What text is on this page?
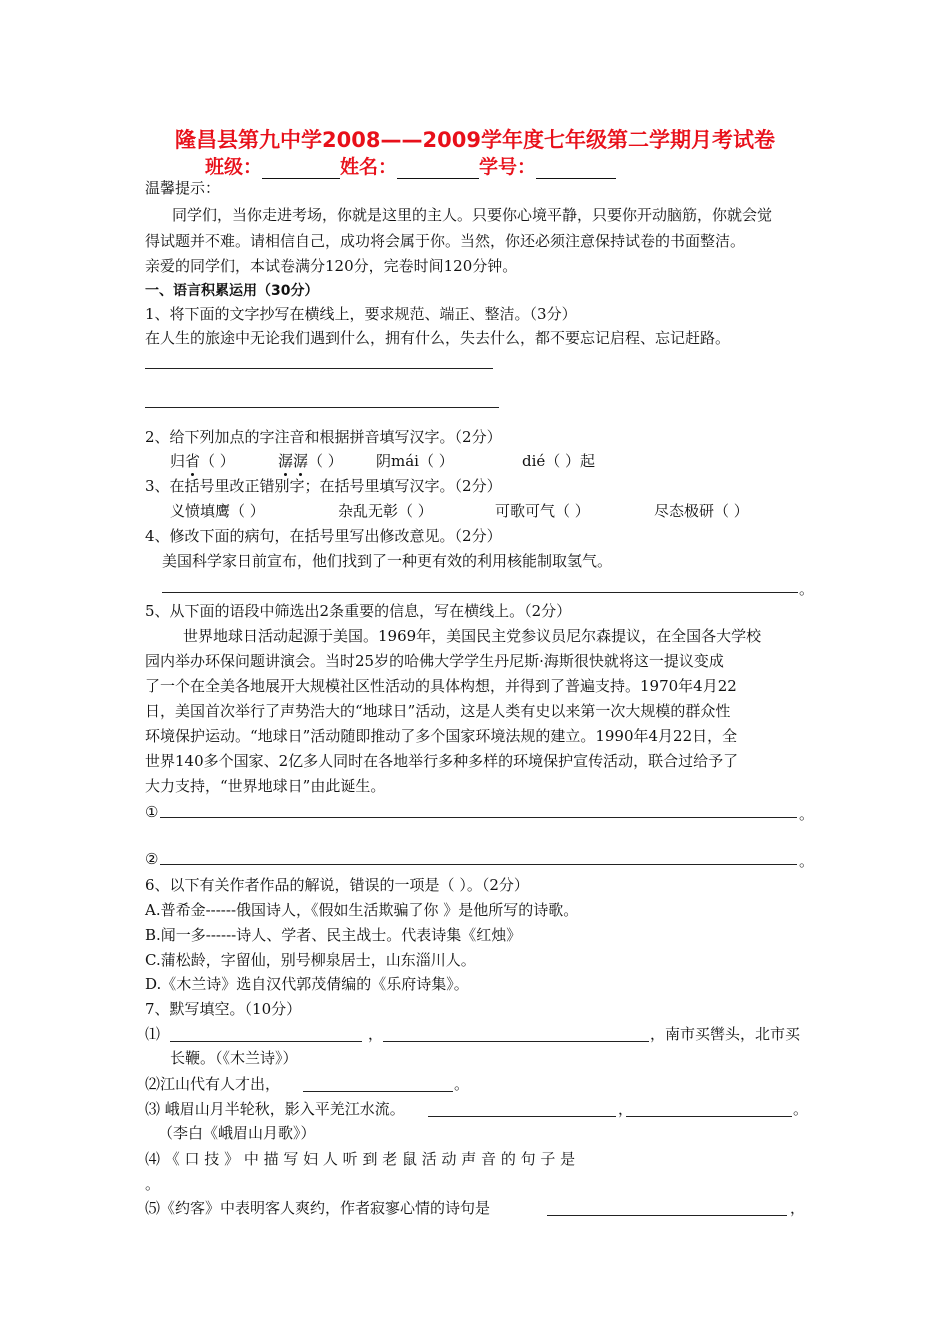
隆昌县第九中学2008——2009学年度七年级第二学期月考试卷
班级：	姓名：	学号：
温馨提示：
同学们，当你走进考场，你就是这里的主人。只要你心境平静，只要你开动脑筋，你就会觉
得试题并不难。请相信自己，成功将会属于你。当然，你还必须注意保持试卷的书面整洁。
亲爱的同学们，本试卷满分120分，完卷时间120分钟。
一、语言积累运用（30分）
1、将下面的文字抄写在横线上，要求规范、端正、整洁。（3分）
在人生的旅途中无论我们遇到什么，拥有什么，失去什么，都不要忘记启程、忘记赶路。
2、给下列加点的字注音和根据拼音填写汉字。（2分）
归省（ ）	潺潺（ ） 阴mái（ ）	dié（ ）起
3、在括号里改正错别字；在括号里填写汉字。（2分）
义愤填鹰（ ）	杂乱无彰（ ）	可歌可气（ ）	尽态极研（ ）
4、修改下面的病句，在括号里写出修改意见。（2分）
美国科学家日前宣布，他们找到了一种更有效的利用核能制取氢气。
。
5、从下面的语段中筛选出2条重要的信息，写在横线上。（2分）
世界地球日活动起源于美国。1969年，美国民主党参议员尼尔森提议，在全国各大学校
园内举办环保问题讲演会。当时25岁的哈佛大学学生丹尼斯·海斯很快就将这一提议变成
了一个在全美各地展开大规模社区性活动的具体构想，并得到了普遍支持。1970年4月22
日，美国首次举行了声势浩大的“地球日”活动，这是人类有史以来第一次大规模的群众性
环境保护运动。“地球日”活动随即推动了多个国家环境法规的建立。1990年4月22日，全
世界140多个国家、2亿多人同时在各地举行多种多样的环境保护宣传活动，联合过给予了
大力支持，“世界地球日”由此诞生。
①	。
②	。
6、以下有关作者作品的解说，错误的一项是（ ）。（2分）
A.普希金------俄国诗人，《假如生活欺骗了你 》是他所写的诗歌。
B.闻一多------诗人、学者、民主战士。代表诗集《红烛》
C.蒲松龄，字留仙，别号柳泉居士，山东淄川人。
D.《木兰诗》选自汉代郭茂倩编的《乐府诗集》。
7、默写填空。（10分）
⑴	，	，南市买辔头，北市买
长鞭。（《木兰诗》）
⑵江山代有人才出，	。
⑶ 峨眉山月半轮秋，影入平羌江水流。	，	。
（李白《峨眉山月歌》）
⑷ 《 口 技 》 中 描 写 妇 人 听 到 老 鼠 活 动 声 音 的 句 子 是
。
⑸《约客》中表明客人爽约，作者寂寥心情的诗句是	，
